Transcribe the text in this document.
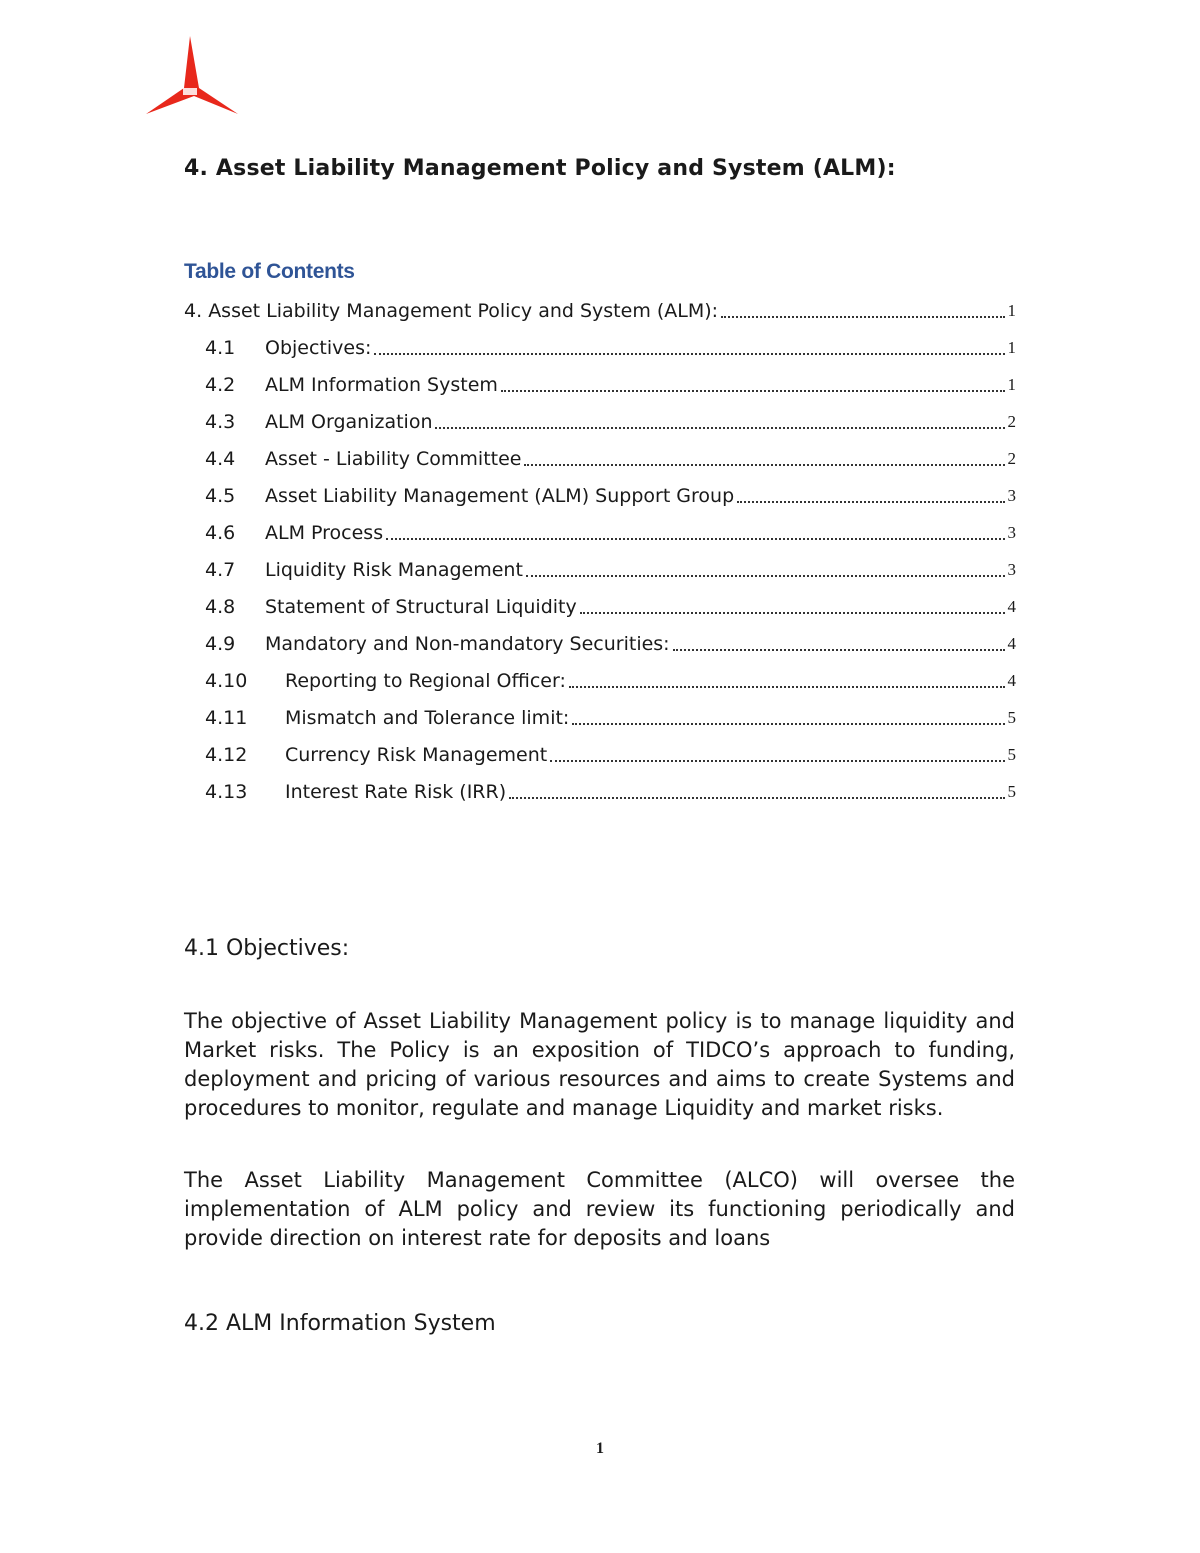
4. Asset Liability Management Policy and System (ALM):
Table of Contents
4. Asset Liability Management Policy and System (ALM):	1
4.1	Objectives:	1
4.2	ALM Information System	1
4.3	ALM Organization	2
4.4	Asset - Liability Committee	2
4.5	Asset Liability Management (ALM) Support Group	3
4.6	ALM Process	3
4.7	Liquidity Risk Management	3
4.8	Statement of Structural Liquidity	4
4.9	Mandatory and Non-mandatory Securities:	4
4.10	Reporting to Regional Officer:	4
4.11	Mismatch and Tolerance limit:	5
4.12	Currency Risk Management	5
4.13	Interest Rate Risk (IRR)	5
4.1 Objectives:

The objective of Asset Liability Management policy is to manage liquidity and Market risks. The Policy is an exposition of TIDCO’s approach to funding, deployment and pricing of various resources and aims to create Systems and procedures to monitor, regulate and manage Liquidity and market risks.

The Asset Liability Management Committee (ALCO) will oversee the implementation of ALM policy and review its functioning periodically and provide direction on interest rate for deposits and loans

4.2 ALM Information System
1
